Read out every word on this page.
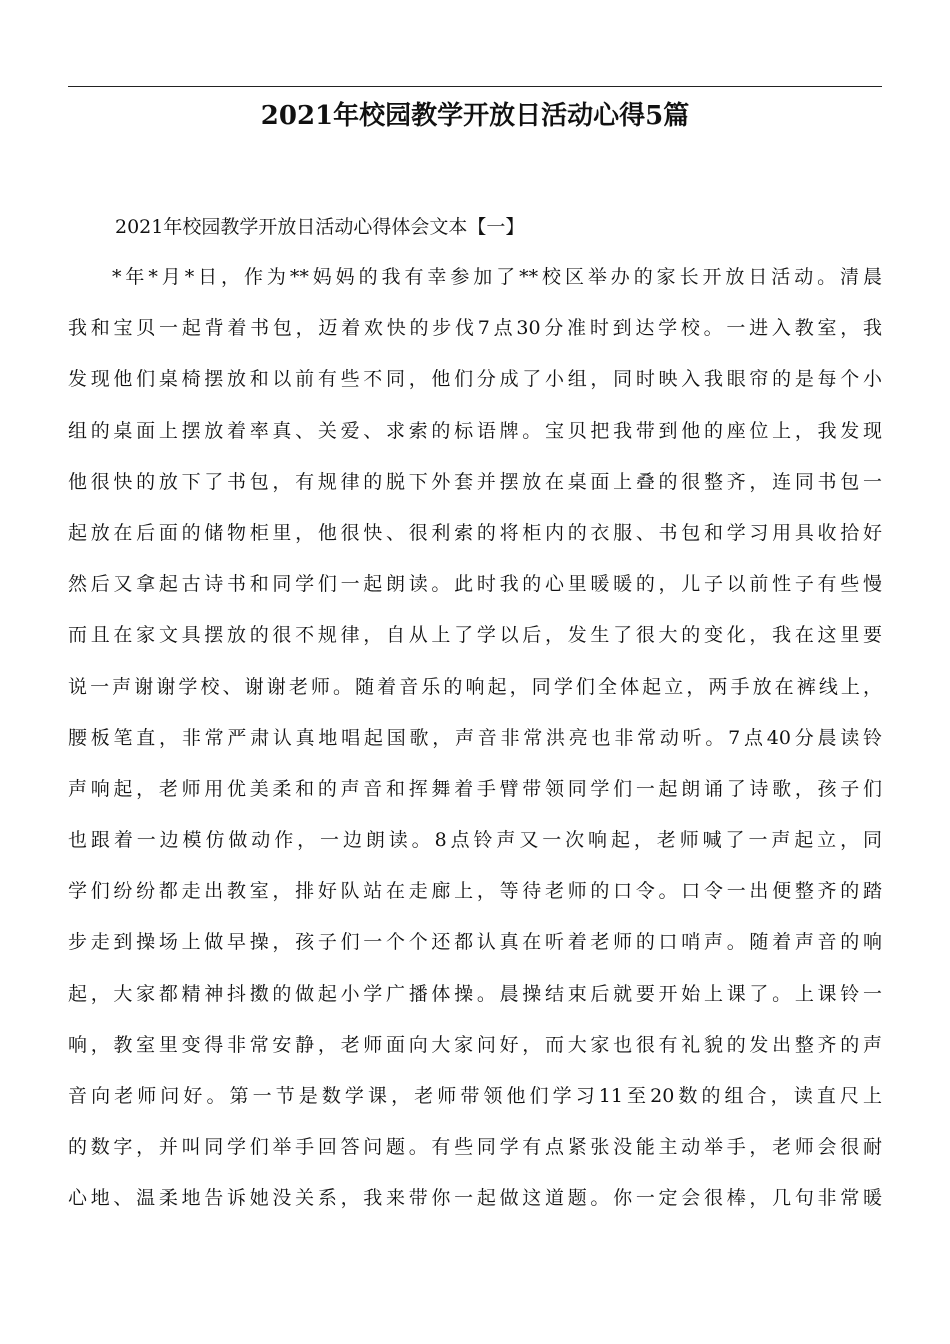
2021年校园教学开放日活动心得5篇

2021年校园教学开放日活动心得体会文本【一】

*年*月*日，作为**妈妈的我有幸参加了**校区举办的家长开放日活动。清晨
我和宝贝一起背着书包，迈着欢快的步伐7点30分准时到达学校。一进入教室，我
发现他们桌椅摆放和以前有些不同，他们分成了小组，同时映入我眼帘的是每个小
组的桌面上摆放着率真、关爱、求索的标语牌。宝贝把我带到他的座位上，我发现
他很快的放下了书包，有规律的脱下外套并摆放在桌面上叠的很整齐，连同书包一
起放在后面的储物柜里，他很快、很利索的将柜内的衣服、书包和学习用具收拾好
然后又拿起古诗书和同学们一起朗读。此时我的心里暖暖的，儿子以前性子有些慢
而且在家文具摆放的很不规律，自从上了学以后，发生了很大的变化，我在这里要
说一声谢谢学校、谢谢老师。随着音乐的响起，同学们全体起立，两手放在裤线上，
腰板笔直，非常严肃认真地唱起国歌，声音非常洪亮也非常动听。7点40分晨读铃
声响起，老师用优美柔和的声音和挥舞着手臂带领同学们一起朗诵了诗歌，孩子们
也跟着一边模仿做动作，一边朗读。8点铃声又一次响起，老师喊了一声起立，同
学们纷纷都走出教室，排好队站在走廊上，等待老师的口令。口令一出便整齐的踏
步走到操场上做早操，孩子们一个个还都认真在听着老师的口哨声。随着声音的响
起，大家都精神抖擞的做起小学广播体操。晨操结束后就要开始上课了。上课铃一
响，教室里变得非常安静，老师面向大家问好，而大家也很有礼貌的发出整齐的声
音向老师问好。第一节是数学课，老师带领他们学习11至20数的组合，读直尺上
的数字，并叫同学们举手回答问题。有些同学有点紧张没能主动举手，老师会很耐
心地、温柔地告诉她没关系，我来带你一起做这道题。你一定会很棒，几句非常暖
